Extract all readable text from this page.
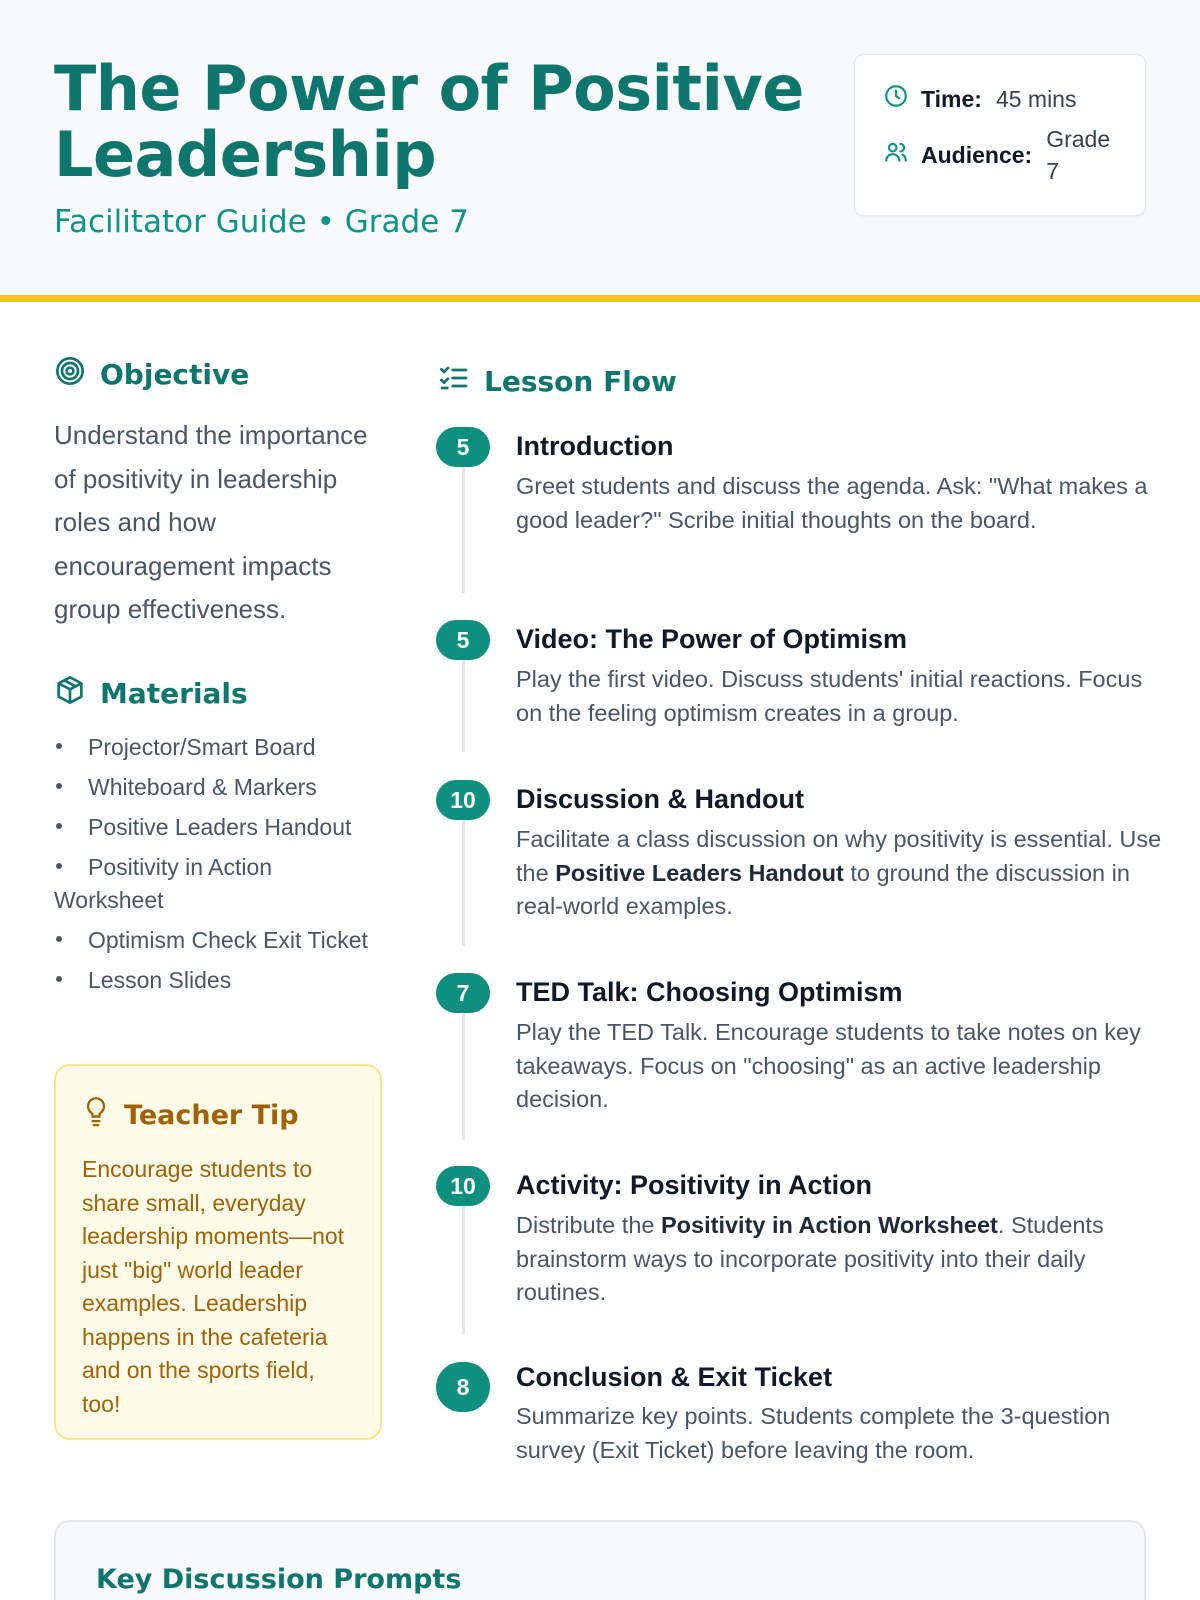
The Power of Positive Leadership
Facilitator Guide • Grade 7
Time: 45 mins
Audience:
Grade 7
Objective

Understand the importance of positivity in leadership roles and how encouragement impacts group effectiveness.

Materials
Projector/Smart Board
Whiteboard & Markers
Positive Leaders Handout
Positivity in Action Worksheet
Optimism Check Exit Ticket
Lesson Slides
Teacher Tip

Encourage students to share small, everyday leadership moments—not just "big" world leader examples. Leadership happens in the cafeteria and on the sports field, too!

Lesson Flow
5	Introduction

Greet students and discuss the agenda. Ask: "What makes a good leader?" Scribe initial thoughts on the board.

5	Video: The Power of Optimism

Play the first video. Discuss students' initial reactions. Focus on the feeling optimism creates in a group.

10	Discussion & Handout

Facilitate a class discussion on why positivity is essential. Use the Positive Leaders Handout to ground the discussion in real-world examples.

7	TED Talk: Choosing Optimism

Play the TED Talk. Encourage students to take notes on key takeaways. Focus on "choosing" as an active leadership decision.

10	Activity: Positivity in Action

Distribute the Positivity in Action Worksheet. Students brainstorm ways to incorporate positivity into their daily routines.

8	Conclusion & Exit Ticket

Summarize key points. Students complete the 3-question survey (Exit Ticket) before leaving the room.

Key Discussion Prompts
